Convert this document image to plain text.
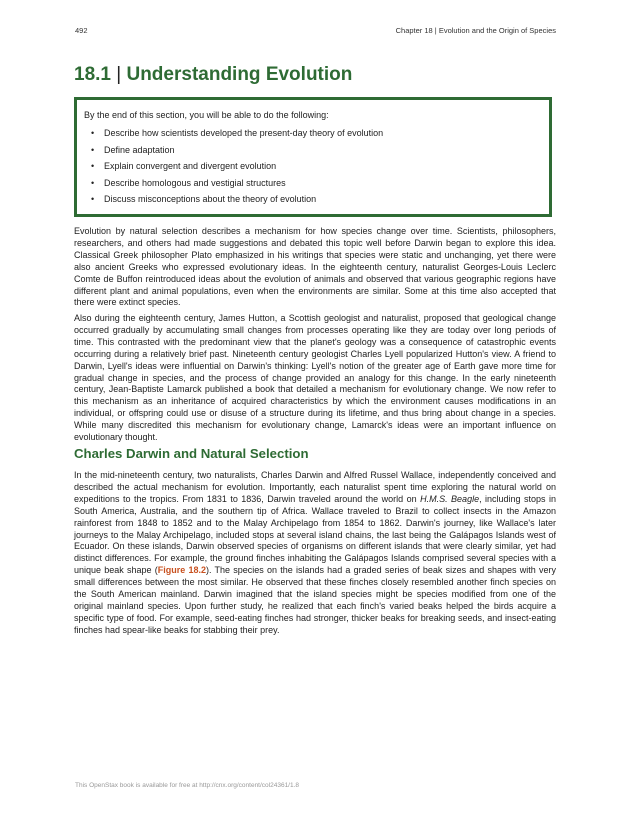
492	Chapter 18 | Evolution and the Origin of Species
18.1 | Understanding Evolution
By the end of this section, you will be able to do the following:
• Describe how scientists developed the present-day theory of evolution
• Define adaptation
• Explain convergent and divergent evolution
• Describe homologous and vestigial structures
• Discuss misconceptions about the theory of evolution

Evolution by natural selection describes a mechanism for how species change over time. Scientists, philosophers, researchers, and others had made suggestions and debated this topic well before Darwin began to explore this idea. Classical Greek philosopher Plato emphasized in his writings that species were static and unchanging, yet there were also ancient Greeks who expressed evolutionary ideas. In the eighteenth century, naturalist Georges-Louis Leclerc Comte de Buffon reintroduced ideas about the evolution of animals and observed that various geographic regions have different plant and animal populations, even when the environments are similar. Some at this time also accepted that there were extinct species.

Also during the eighteenth century, James Hutton, a Scottish geologist and naturalist, proposed that geological change occurred gradually by accumulating small changes from processes operating like they are today over long periods of time. This contrasted with the predominant view that the planet's geology was a consequence of catastrophic events occurring during a relatively brief past. Nineteenth century geologist Charles Lyell popularized Hutton's view. A friend to Darwin, Lyell's ideas were influential on Darwin's thinking: Lyell's notion of the greater age of Earth gave more time for gradual change in species, and the process of change provided an analogy for this change. In the early nineteenth century, Jean-Baptiste Lamarck published a book that detailed a mechanism for evolutionary change. We now refer to this mechanism as an inheritance of acquired characteristics by which the environment causes modifications in an individual, or offspring could use or disuse of a structure during its lifetime, and thus bring about change in a species. While many discredited this mechanism for evolutionary change, Lamarck's ideas were an important influence on evolutionary thought.

Charles Darwin and Natural Selection

In the mid-nineteenth century, two naturalists, Charles Darwin and Alfred Russel Wallace, independently conceived and described the actual mechanism for evolution. Importantly, each naturalist spent time exploring the natural world on expeditions to the tropics. From 1831 to 1836, Darwin traveled around the world on H.M.S. Beagle, including stops in South America, Australia, and the southern tip of Africa. Wallace traveled to Brazil to collect insects in the Amazon rainforest from 1848 to 1852 and to the Malay Archipelago from 1854 to 1862. Darwin's journey, like Wallace's later journeys to the Malay Archipelago, included stops at several island chains, the last being the Galápagos Islands west of Ecuador. On these islands, Darwin observed species of organisms on different islands that were clearly similar, yet had distinct differences. For example, the ground finches inhabiting the Galápagos Islands comprised several species with a unique beak shape (Figure 18.2). The species on the islands had a graded series of beak sizes and shapes with very small differences between the most similar. He observed that these finches closely resembled another finch species on the South American mainland. Darwin imagined that the island species might be species modified from one of the original mainland species. Upon further study, he realized that each finch's varied beaks helped the birds acquire a specific type of food. For example, seed-eating finches had stronger, thicker beaks for breaking seeds, and insect-eating finches had spear-like beaks for stabbing their prey.

This OpenStax book is available for free at http://cnx.org/content/col24361/1.8
